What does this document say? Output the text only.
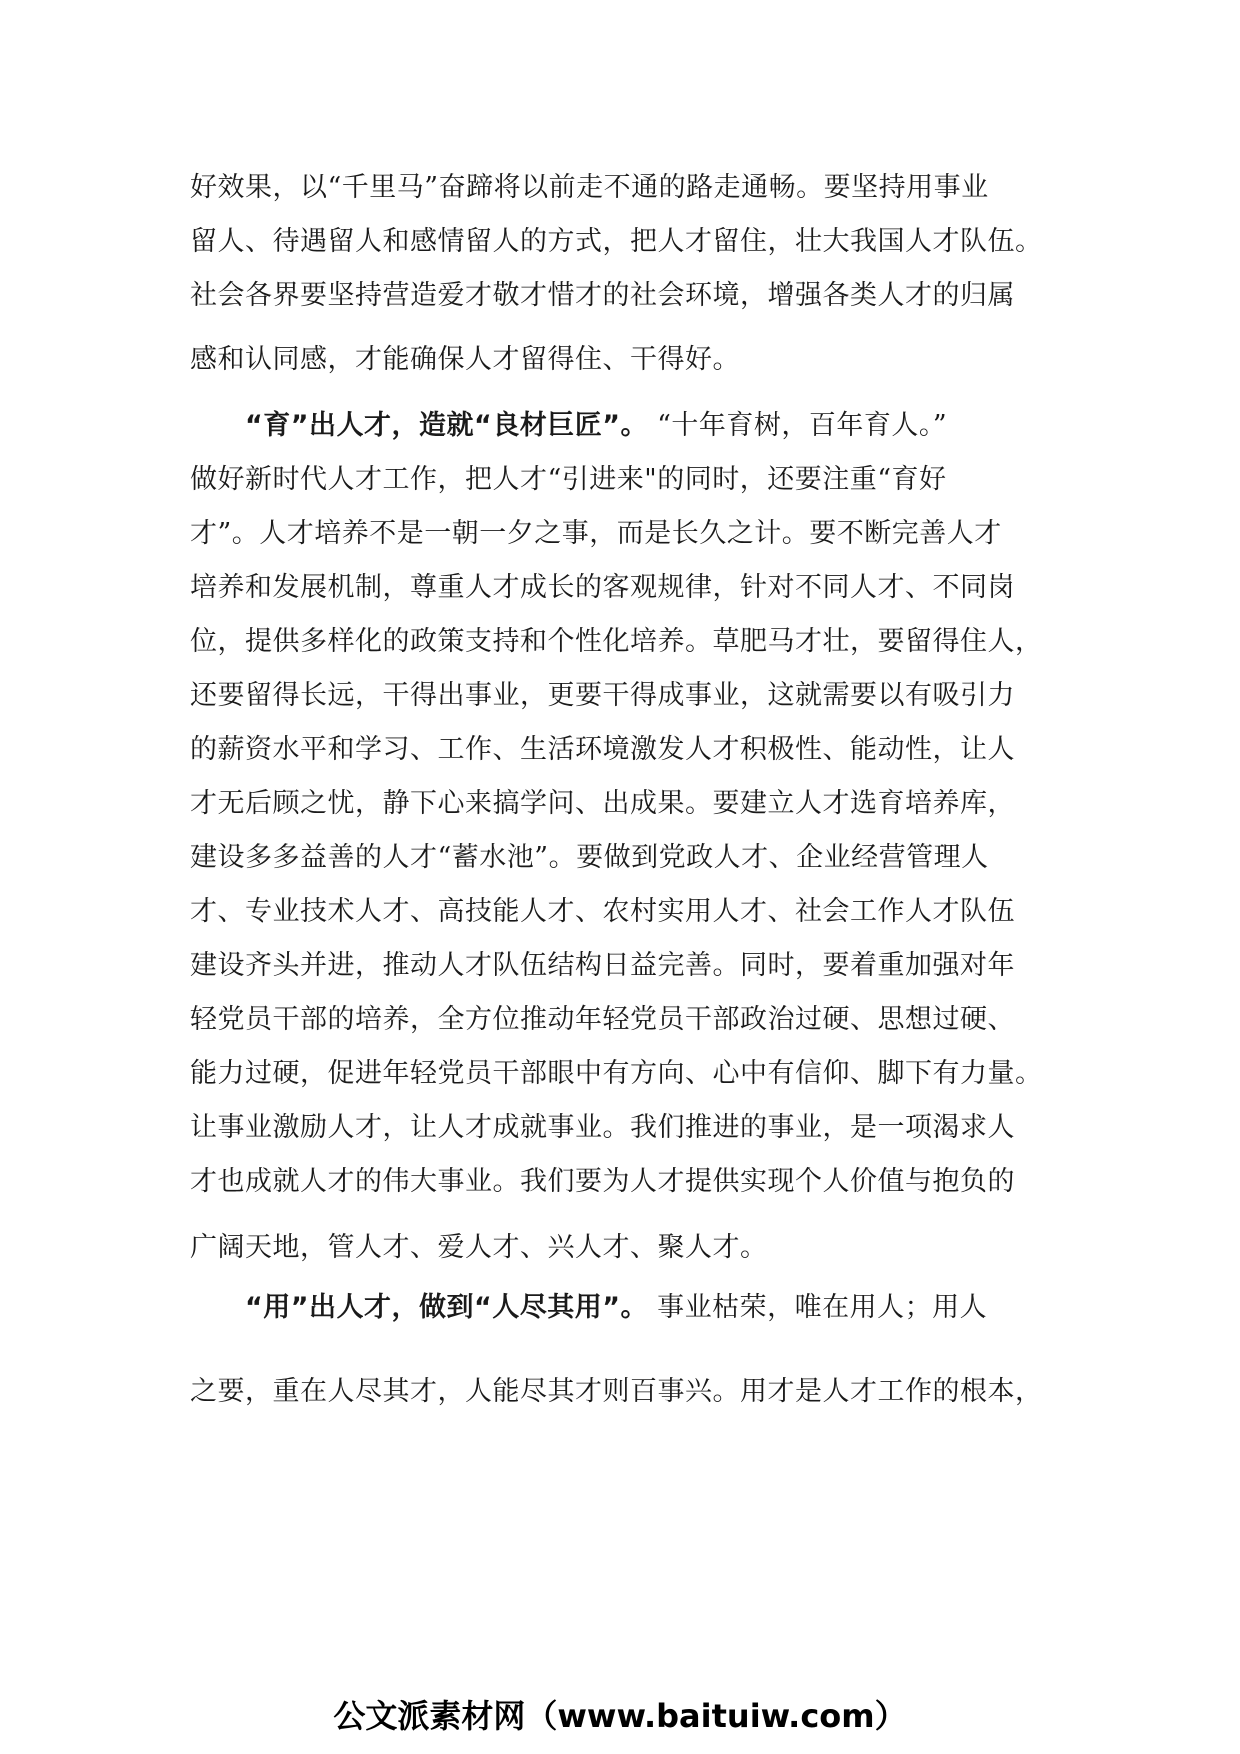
好效果，以“千里马”奋蹄将以前走不通的路走通畅。要坚持用事业
留人、待遇留人和感情留人的方式，把人才留住，壮大我国人才队伍。
社会各界要坚持营造爱才敬才惜才的社会环境，增强各类人才的归属
感和认同感，才能确保人才留得住、干得好。
“育”出人才，造就“良材巨匠”。 “十年育树，百年育人。”
做好新时代人才工作，把人才“引进来"的同时，还要注重“育好
才”。人才培养不是一朝一夕之事，而是长久之计。要不断完善人才
培养和发展机制，尊重人才成长的客观规律，针对不同人才、不同岗
位，提供多样化的政策支持和个性化培养。草肥马才壮，要留得住人，
还要留得长远，干得出事业，更要干得成事业，这就需要以有吸引力
的薪资水平和学习、工作、生活环境激发人才积极性、能动性，让人
才无后顾之忧，静下心来搞学问、出成果。要建立人才选育培养库，
建设多多益善的人才“蓄水池”。要做到党政人才、企业经营管理人
才、专业技术人才、高技能人才、农村实用人才、社会工作人才队伍
建设齐头并进，推动人才队伍结构日益完善。同时，要着重加强对年
轻党员干部的培养，全方位推动年轻党员干部政治过硬、思想过硬、
能力过硬，促进年轻党员干部眼中有方向、心中有信仰、脚下有力量。
让事业激励人才，让人才成就事业。我们推进的事业，是一项渴求人
才也成就人才的伟大事业。我们要为人才提供实现个人价值与抱负的
广阔天地，管人才、爱人才、兴人才、聚人才。
“用”出人才，做到“人尽其用”。 事业枯荣，唯在用人；用人
之要，重在人尽其才，人能尽其才则百事兴。用才是人才工作的根本，
公文派素材网（www.baituiw.com）
